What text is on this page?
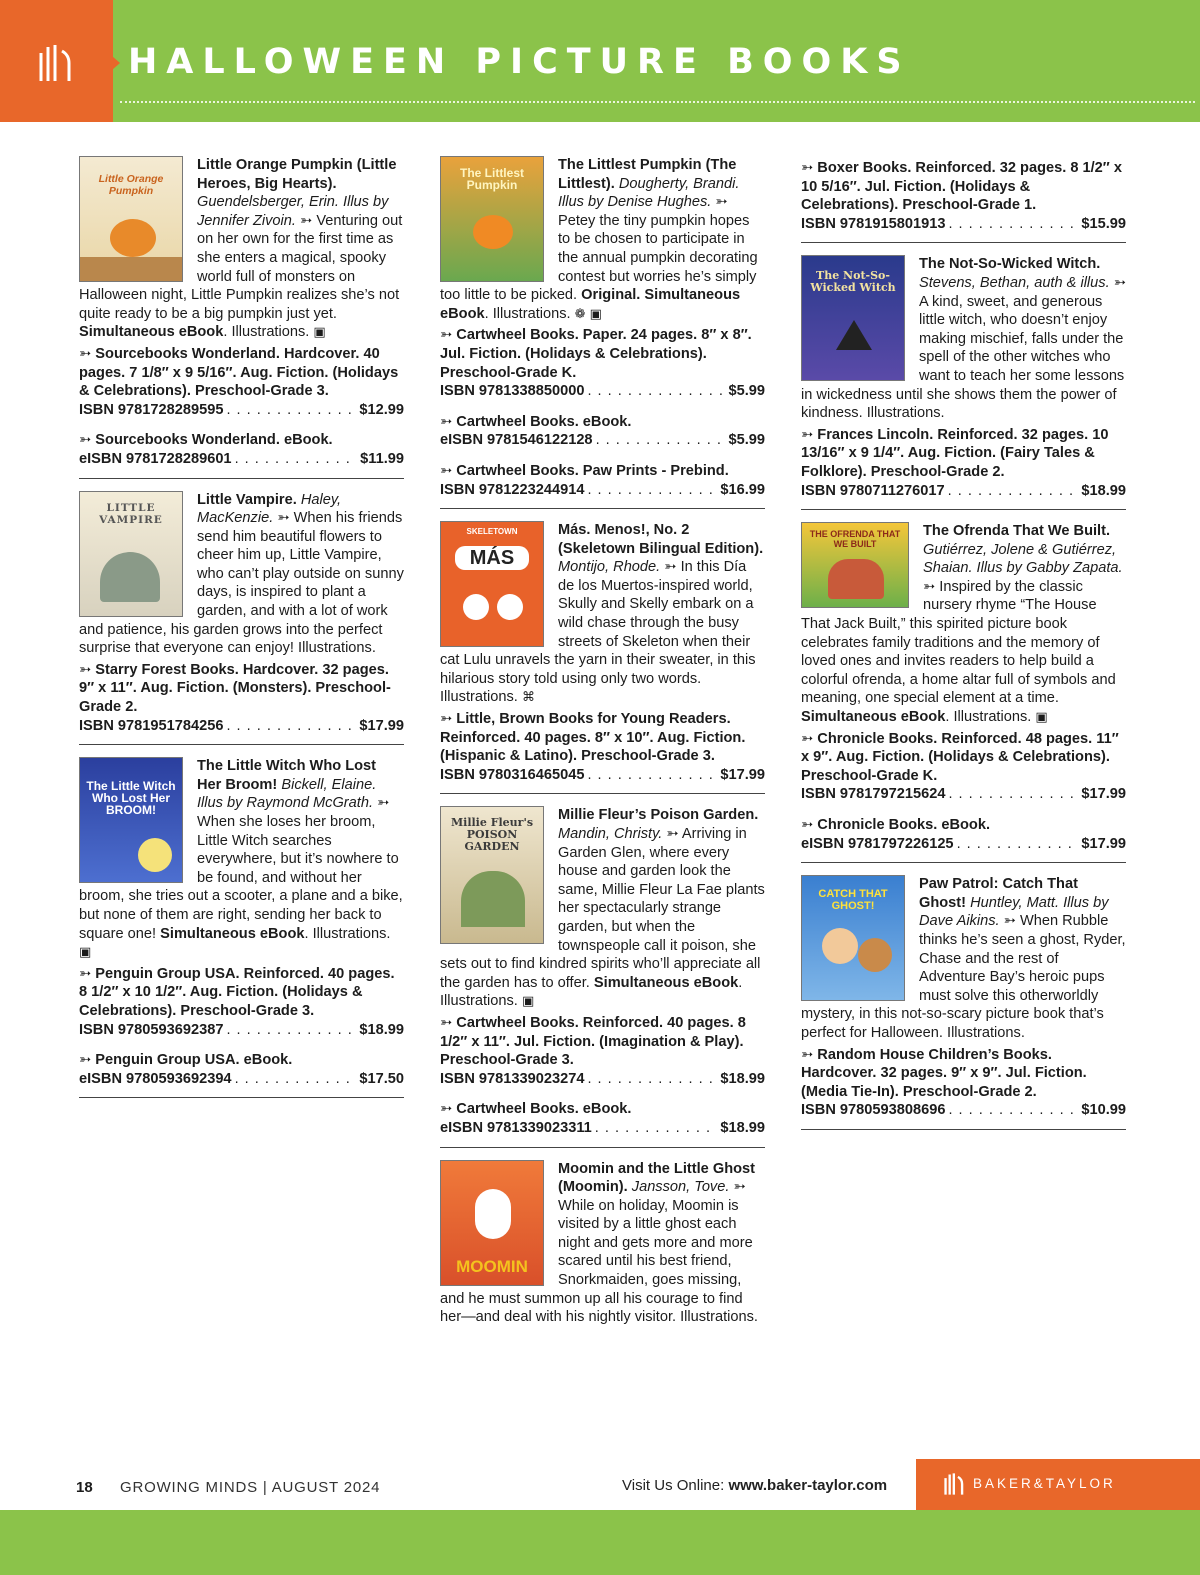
HALLOWEEN PICTURE BOOKS
Little Orange Pumpkin
Little Orange Pumpkin (Little Heroes, Big Hearts). Guendelsberger, Erin. Illus by Jennifer Zivoin. ➳ Venturing out on her own for the first time as she enters a magical, spooky world full of monsters on Halloween night, Little Pumpkin realizes she’s not quite ready to be a big pumpkin just yet. Simultaneous eBook. Illustrations. ▣
➳ Sourcebooks Wonderland. Hardcover. 40 pages. 7 1/8″ x 9 5/16″. Aug. Fiction. (Holidays & Celebrations). Preschool-Grade 3.
ISBN 9781728289595 . . .	$12.99
➳ Sourcebooks Wonderland. eBook.
eISBN 9781728289601 . . .	$11.99
LITTLE VAMPIRE
Little Vampire. Haley, MacKenzie. ➳ When his friends send him beautiful flowers to cheer him up, Little Vampire, who can’t play outside on sunny days, is inspired to plant a garden, and with a lot of work and patience, his garden grows into the perfect surprise that everyone can enjoy! Illustrations.
➳ Starry Forest Books. Hardcover. 32 pages. 9″ x 11″. Aug. Fiction. (Monsters). Preschool-Grade 2.
ISBN 9781951784256 . . .	$17.99
The Little Witch Who Lost Her BROOM!
The Little Witch Who Lost Her Broom! Bickell, Elaine. Illus by Raymond McGrath. ➳ When she loses her broom, Little Witch searches everywhere, but it’s nowhere to be found, and without her broom, she tries out a scooter, a plane and a bike, but none of them are right, sending her back to square one! Simultaneous eBook. Illustrations. ▣
➳ Penguin Group USA. Reinforced. 40 pages. 8 1/2″ x 10 1/2″. Aug. Fiction. (Holidays & Celebrations). Preschool-Grade 3.
ISBN 9780593692387 . . .	$18.99
➳ Penguin Group USA. eBook.
eISBN 9780593692394 . . .	$17.50
The Littlest Pumpkin
The Littlest Pumpkin (The Littlest). Dougherty, Brandi. Illus by Denise Hughes. ➳ Petey the tiny pumpkin hopes to be chosen to participate in the annual pumpkin decorating contest but worries he’s simply too little to be picked. Original. Simultaneous eBook. Illustrations. ❁ ▣
➳ Cartwheel Books. Paper. 24 pages. 8″ x 8″. Jul. Fiction. (Holidays & Celebrations). Preschool-Grade K.
ISBN 9781338850000 . . .	$5.99
➳ Cartwheel Books. eBook.
eISBN 9781546122128 . . .	$5.99
➳ Cartwheel Books. Paw Prints - Prebind.
ISBN 9781223244914 . . .	$16.99
SKELETOWN
MÁS
Más. Menos!, No. 2 (Skeletown Bilingual Edition). Montijo, Rhode. ➳ In this Día de los Muertos-inspired world, Skully and Skelly embark on a wild chase through the busy streets of Skeleton when their cat Lulu unravels the yarn in their sweater, in this hilarious story told using only two words. Illustrations. ⌘
➳ Little, Brown Books for Young Readers. Reinforced. 40 pages. 8″ x 10″. Aug. Fiction. (Hispanic & Latino). Preschool-Grade 3.
ISBN 9780316465045 . . .	$17.99
Millie Fleur's POISON GARDEN
Millie Fleur’s Poison Garden. Mandin, Christy. ➳ Arriving in Garden Glen, where every house and garden look the same, Millie Fleur La Fae plants her spectacularly strange garden, but when the townspeople call it poison, she sets out to find kindred spirits who’ll appreciate all the garden has to offer. Simultaneous eBook. Illustrations. ▣
➳ Cartwheel Books. Reinforced. 40 pages. 8 1/2″ x 11″. Jul. Fiction. (Imagination & Play). Preschool-Grade 3.
ISBN 9781339023274 . . .	$18.99
➳ Cartwheel Books. eBook.
eISBN 9781339023311 . . .	$18.99
MOOMIN
Moomin and the Little Ghost (Moomin). Jansson, Tove. ➳ While on holiday, Moomin is visited by a little ghost each night and gets more and more scared until his best friend, Snorkmaiden, goes missing, and he must summon up all his courage to find her—and deal with his nightly visitor. Illustrations.
➳ Boxer Books. Reinforced. 32 pages. 8 1/2″ x 10 5/16″. Jul. Fiction. (Holidays & Celebrations). Preschool-Grade 1.
ISBN 9781915801913 . . .	$15.99
The Not-So-Wicked Witch
The Not-So-Wicked Witch. Stevens, Bethan, auth & illus. ➳ A kind, sweet, and generous little witch, who doesn’t enjoy making mischief, falls under the spell of the other witches who want to teach her some lessons in wickedness until she shows them the power of kindness. Illustrations.
➳ Frances Lincoln. Reinforced. 32 pages. 10 13/16″ x 9 1/4″. Aug. Fiction. (Fairy Tales & Folklore). Preschool-Grade 2.
ISBN 9780711276017 . . .	$18.99
THE OFRENDA THAT WE BUILT
The Ofrenda That We Built. Gutiérrez, Jolene & Gutiérrez, Shaian. Illus by Gabby Zapata. ➳ Inspired by the classic nursery rhyme “The House That Jack Built,” this spirited picture book celebrates family traditions and the memory of loved ones and invites readers to help build a colorful ofrenda, a home altar full of symbols and meaning, one special element at a time. Simultaneous eBook. Illustrations. ▣
➳ Chronicle Books. Reinforced. 48 pages. 11″ x 9″. Aug. Fiction. (Holidays & Celebrations). Preschool-Grade K.
ISBN 9781797215624 . . .	$17.99
➳ Chronicle Books. eBook.
eISBN 9781797226125 . . .	$17.99
CATCH THAT GHOST!
Paw Patrol: Catch That Ghost! Huntley, Matt. Illus by Dave Aikins. ➳ When Rubble thinks he’s seen a ghost, Ryder, Chase and the rest of Adventure Bay’s heroic pups must solve this otherworldly mystery, in this not-so-scary picture book that’s perfect for Halloween. Illustrations.
➳ Random House Children’s Books. Hardcover. 32 pages. 9″ x 9″. Jul. Fiction. (Media Tie-In). Preschool-Grade 2.
ISBN 9780593808696 . . .	$10.99
18 GROWING MINDS | AUGUST 2024	Visit Us Online: www.baker-taylor.com	BAKER&TAYLOR
